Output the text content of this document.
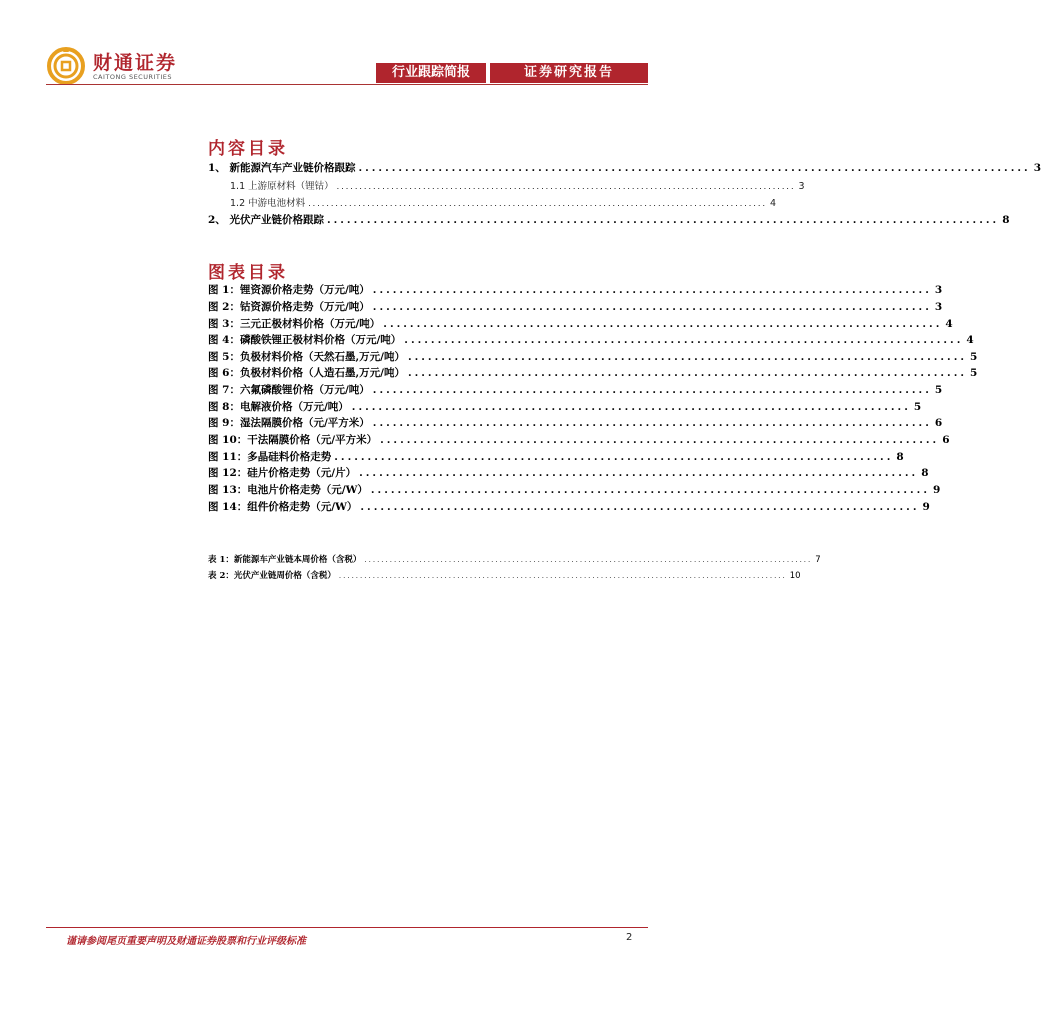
财通证券
CAITONG SECURITIES	行业跟踪简报	证券研究报告
内容目录
1、 新能源汽车产业链价格跟踪 ..................................................................................................... 3
1.1 上游原材料（锂钴） ..................................................................................................... 3
1.2 中游电池材料 ..................................................................................................... 4
2、 光伏产业链价格跟踪 ..................................................................................................... 8
图表目录
图 1：锂资源价格走势（万元/吨） .................................................................................... 3
图 2：钴资源价格走势（万元/吨） .................................................................................... 3
图 3：三元正极材料价格（万元/吨） .................................................................................... 4
图 4：磷酸铁锂正极材料价格（万元/吨） .................................................................................... 4
图 5：负极材料价格（天然石墨,万元/吨） .................................................................................... 5
图 6：负极材料价格（人造石墨,万元/吨） .................................................................................... 5
图 7：六氟磷酸锂价格（万元/吨） .................................................................................... 5
图 8：电解液价格（万元/吨） .................................................................................... 5
图 9：湿法隔膜价格（元/平方米） .................................................................................... 6
图 10：干法隔膜价格（元/平方米） .................................................................................... 6
图 11：多晶硅料价格走势 .................................................................................... 8
图 12：硅片价格走势（元/片） .................................................................................... 8
图 13：电池片价格走势（元/W） .................................................................................... 9
图 14：组件价格走势（元/W） .................................................................................... 9
表 1：新能源车产业链本周价格（含税） .......................................................................................................... 7
表 2：光伏产业链周价格（含税） .......................................................................................................... 10
谨请参阅尾页重要声明及财通证券股票和行业评级标准	2
